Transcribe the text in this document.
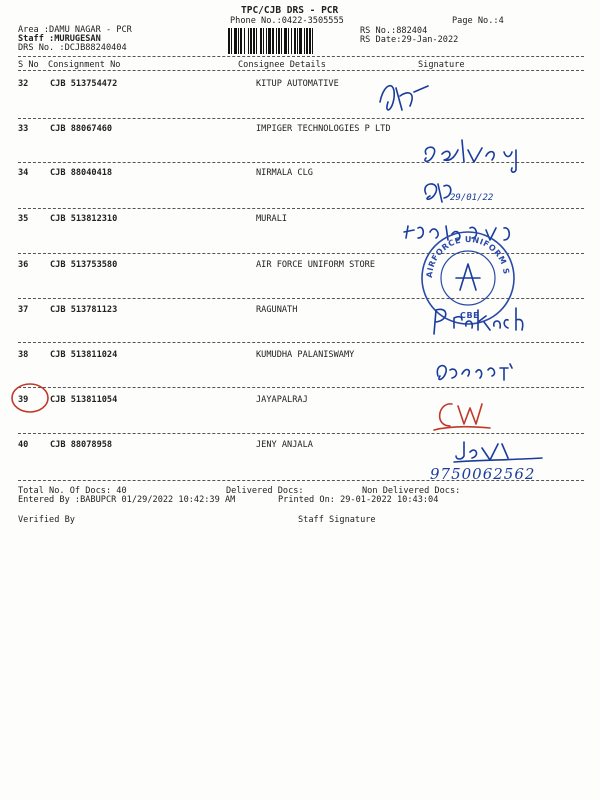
TPC/CJB DRS - PCR
Phone No.:0422-3505555	Page No.:4
Area :DAMU NAGAR - PCR
Staff :MURUGESAN
DRS No. :DCJB88240404
RS No.:882404
RS Date:29-Jan-2022
S No Consignment No	Consignee Details	Signature
32	CJB 513754472	KITUP AUTOMATIVE
33	CJB 88067460	IMPIGER TECHNOLOGIES P LTD
34	CJB 88040418	NIRMALA CLG
35	CJB 513812310	MURALI
36	CJB 513753580	AIR FORCE UNIFORM STORE
37	CJB 513781123	RAGUNATH
38	CJB 513811024	KUMUDHA PALANISWAMY
39	CJB 513811054	JAYAPALRAJ
40	CJB 88078958	JENY ANJALA
29/01/22
AIRFORCE UNIFORM STORE
CBE
9750062562
Total No. Of Docs: 40	Delivered Docs:	Non Delivered Docs:
Entered By :BABUPCR 01/29/2022 10:42:39 AM	Printed On: 29-01-2022 10:43:04
Verified By	Staff Signature
